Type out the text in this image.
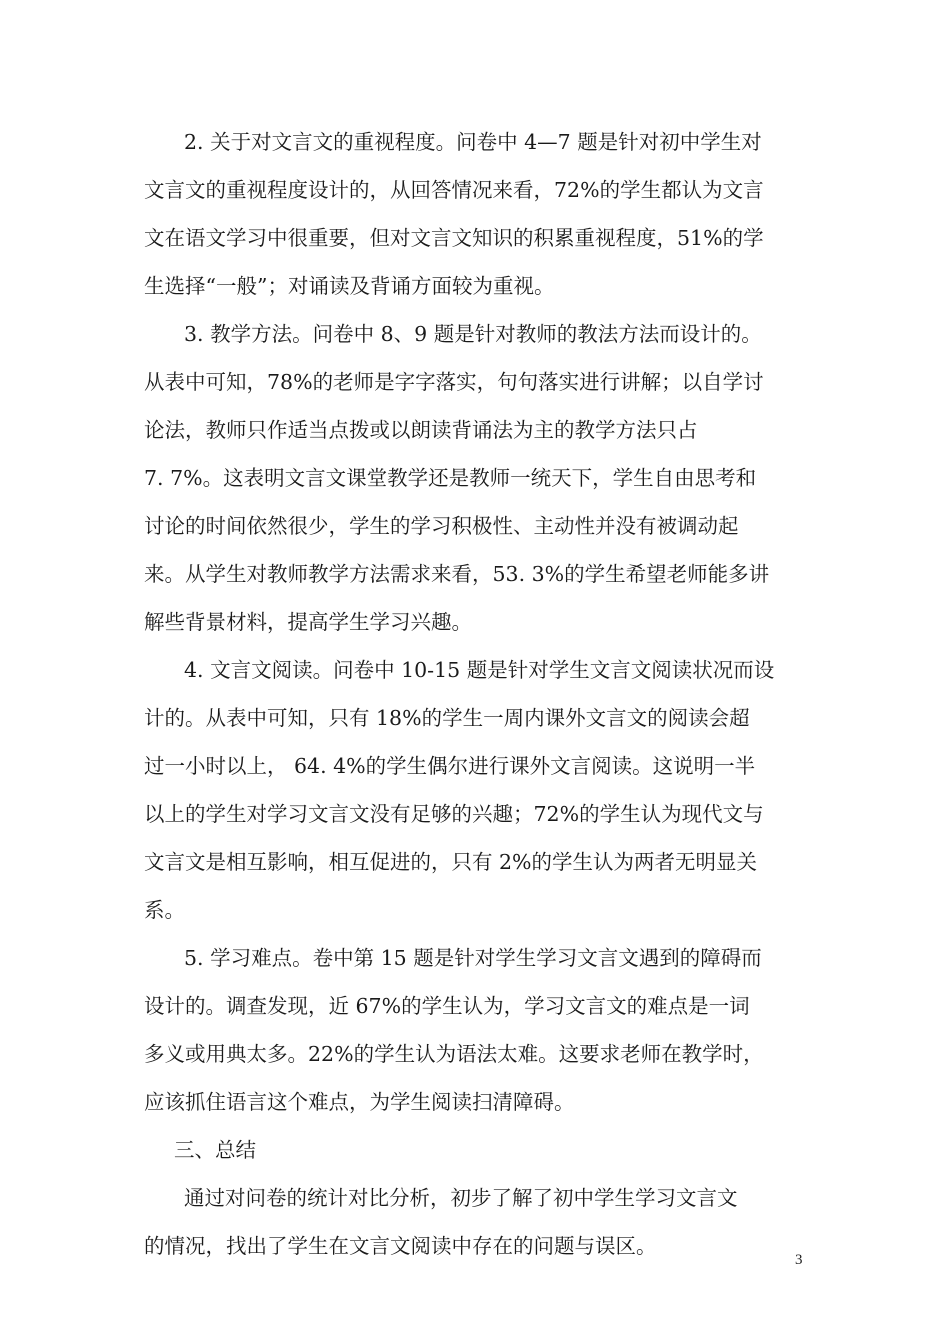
2. 关于对文言文的重视程度。问卷中 4—7 题是针对初中学生对
文言文的重视程度设计的，从回答情况来看，72%的学生都认为文言
文在语文学习中很重要，但对文言文知识的积累重视程度，51%的学
生选择“一般”；对诵读及背诵方面较为重视。
3. 教学方法。问卷中 8、9 题是针对教师的教法方法而设计的。
从表中可知，78%的老师是字字落实，句句落实进行讲解；以自学讨
论法，教师只作适当点拨或以朗读背诵法为主的教学方法只占
7. 7%。这表明文言文课堂教学还是教师一统天下，学生自由思考和
讨论的时间依然很少，学生的学习积极性、主动性并没有被调动起
来。从学生对教师教学方法需求来看，53. 3%的学生希望老师能多讲
解些背景材料，提高学生学习兴趣。
4. 文言文阅读。问卷中 10-15 题是针对学生文言文阅读状况而设
计的。从表中可知，只有 18%的学生一周内课外文言文的阅读会超
过一小时以上， 64. 4%的学生偶尔进行课外文言阅读。这说明一半
以上的学生对学习文言文没有足够的兴趣；72%的学生认为现代文与
文言文是相互影响，相互促进的，只有 2%的学生认为两者无明显关
系。
5. 学习难点。卷中第 15 题是针对学生学习文言文遇到的障碍而
设计的。调查发现，近 67%的学生认为，学习文言文的难点是一词
多义或用典太多。22%的学生认为语法太难。这要求老师在教学时，
应该抓住语言这个难点，为学生阅读扫清障碍。
三、总结
通过对问卷的统计对比分析，初步了解了初中学生学习文言文
的情况，找出了学生在文言文阅读中存在的问题与误区。
3
